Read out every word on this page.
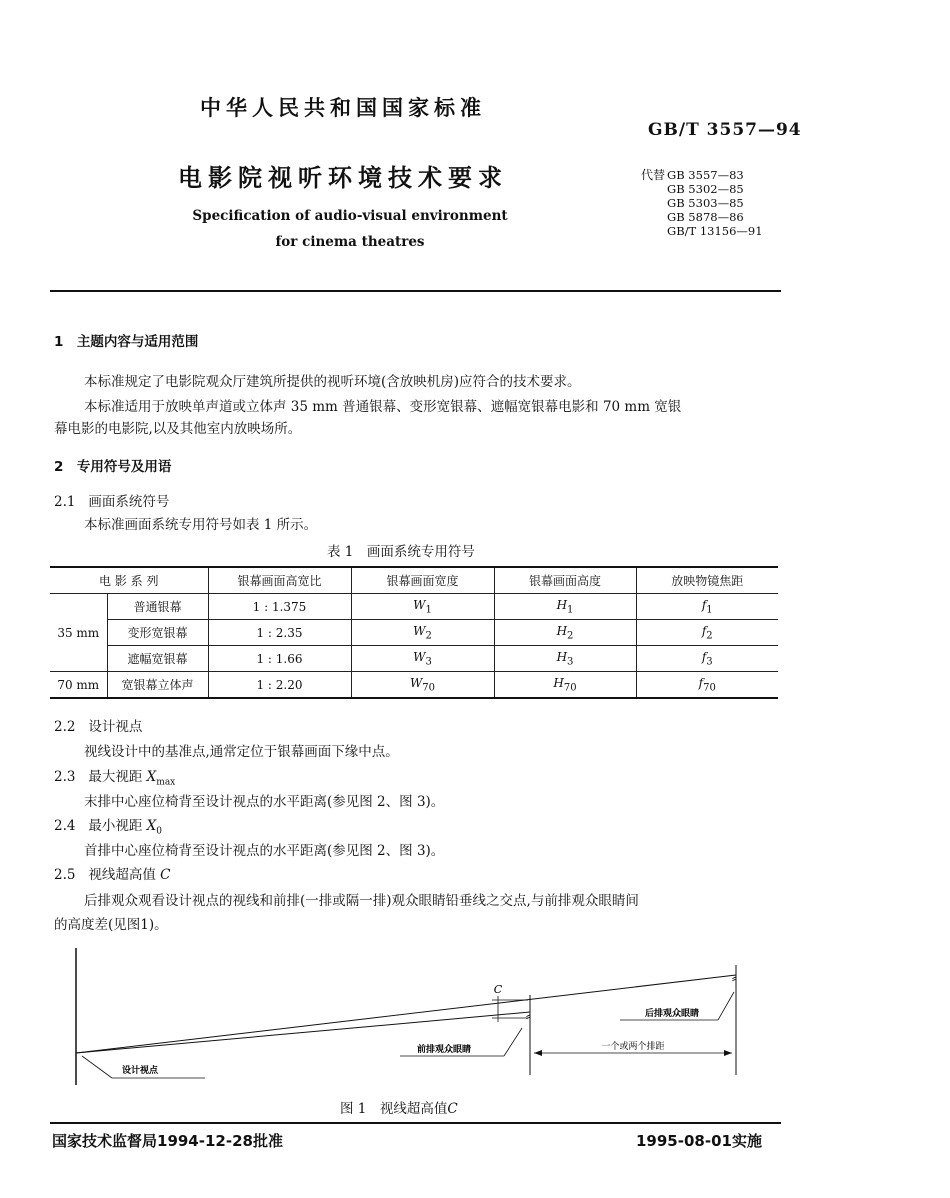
中华人民共和国国家标准
GB/T 3557—94
电影院视听环境技术要求
Specification of audio-visual environment
for cinema theatres
代替 GB 3557—83
GB 5302—85
GB 5303—85
GB 5878—86
GB/T 13156—91
1　主题内容与适用范围
本标准规定了电影院观众厅建筑所提供的视听环境(含放映机房)应符合的技术要求。
本标准适用于放映单声道或立体声 35 mm 普通银幕、变形宽银幕、遮幅宽银幕电影和 70 mm 宽银
幕电影的电影院,以及其他室内放映场所。
2　专用符号及用语
2.1 画面系统符号
本标准画面系统专用符号如表 1 所示。
表 1　画面系统专用符号
电 影 系 列		银幕画面高宽比	银幕画面宽度	银幕画面高度	放映物镜焦距
35 mm	普通银幕	1 : 1.375	$W_1$	$H_1$	$f_1$
	变形宽银幕	1 : 2.35	$W_2$	$H_2$	$f_2$
	遮幅宽银幕	1 : 1.66	$W_3$	$H_3$	$f_3$
70 mm	宽银幕立体声	1 : 2.20	$W_{70}$	$H_{70}$	$f_{70}$
2.2 设计视点
视线设计中的基准点,通常定位于银幕画面下缘中点。
2.3 最大视距 $X_{max}$
末排中心座位椅背至设计视点的水平距离(参见图 2、图 3)。
2.4 最小视距 $X_0$
首排中心座位椅背至设计视点的水平距离(参见图 2、图 3)。
2.5 视线超高值 C
后排观众观看设计视点的视线和前排(一排或隔一排)观众眼睛铅垂线之交点,与前排观众眼睛间
的高度差(见图1)。
C
⸗
⸗
后排观众眼睛
前排观众眼睛	一个或两个排距
设计视点
图 1　视线超高值C
国家技术监督局1994-12-28批准	1995-08-01实施
